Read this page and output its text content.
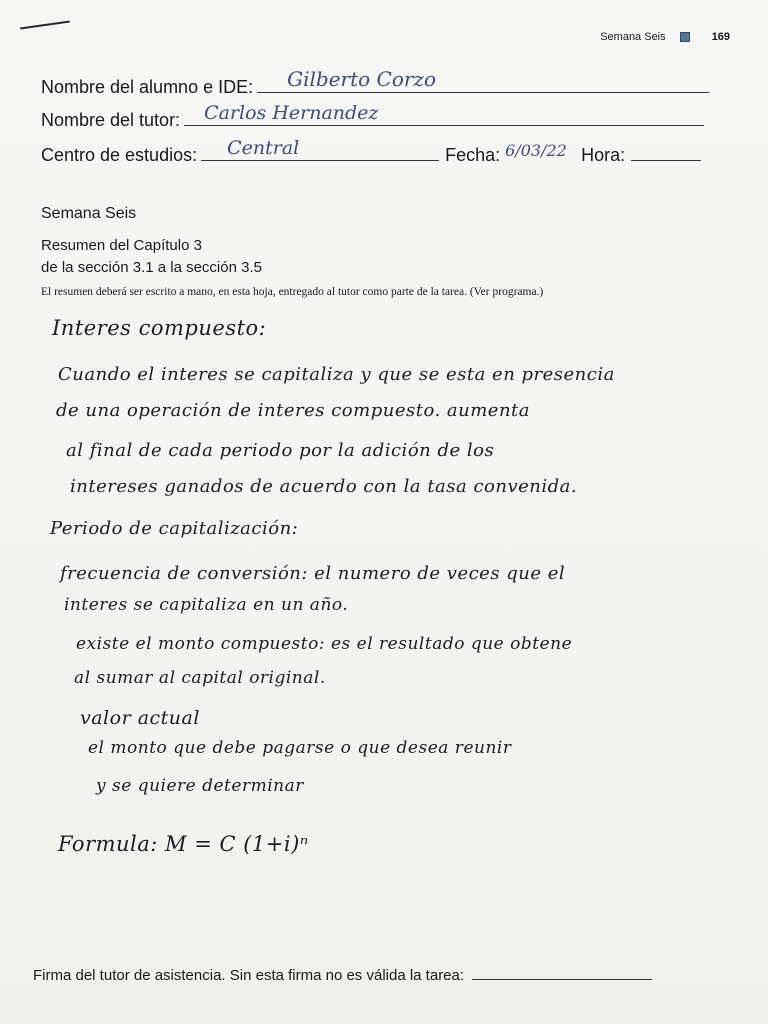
Semana Seis	169
Nombre del alumno e IDE: Gilberto Corzo
Nombre del tutor: Carlos Hernandez
Centro de estudios: Central	Fecha: 6/03/22 Hora:
Semana Seis
Resumen del Capítulo 3
de la sección 3.1 a la sección 3.5
El resumen deberá ser escrito a mano, en esta hoja, entregado al tutor como parte de la tarea. (Ver programa.)
Interes compuesto:
Cuando el interes se capitaliza y que se esta en presencia
de una operación de interes compuesto. aumenta
al final de cada periodo por la adición de los
intereses ganados de acuerdo con la tasa convenida.
Periodo de capitalización:
frecuencia de conversión: el numero de veces que el
interes se capitaliza en un año.
existe el monto compuesto: es el resultado que obtene
al sumar al capital original.
valor actual
el monto que debe pagarse o que desea reunir
y se quiere determinar
Formula: M = C (1+i)ⁿ
Firma del tutor de asistencia. Sin esta firma no es válida la tarea:
